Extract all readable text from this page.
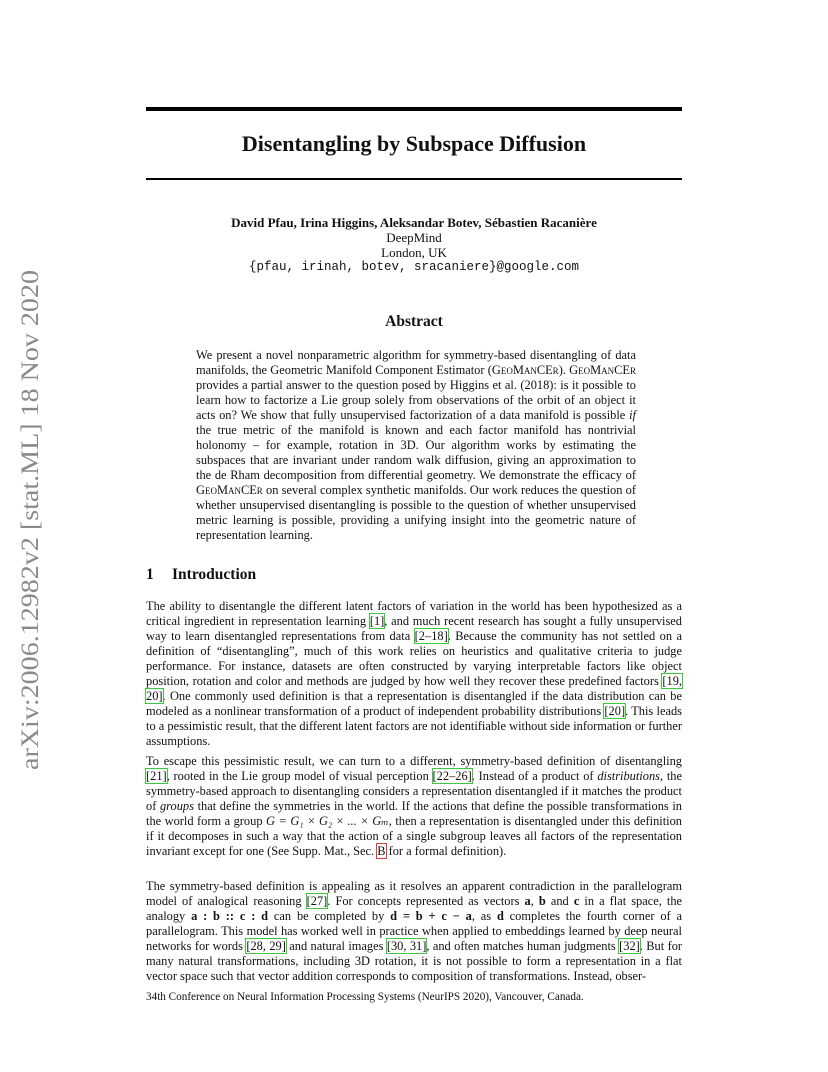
arXiv:2006.12982v2 [stat.ML] 18 Nov 2020
Disentangling by Subspace Diffusion
David Pfau, Irina Higgins, Aleksandar Botev, Sébastien Racanière
DeepMind
London, UK
{pfau, irinah, botev, sracaniere}@google.com
Abstract

We present a novel nonparametric algorithm for symmetry-based disentangling of data manifolds, the Geometric Manifold Component Estimator (GeoManCEr). GeoManCEr provides a partial answer to the question posed by Higgins et al. (2018): is it possible to learn how to factorize a Lie group solely from observations of the orbit of an object it acts on? We show that fully unsupervised factorization of a data manifold is possible if the true metric of the manifold is known and each factor manifold has nontrivial holonomy – for example, rotation in 3D. Our algorithm works by estimating the subspaces that are invariant under random walk diffusion, giving an approximation to the de Rham decomposition from differential geometry. We demonstrate the efficacy of GeoManCEr on several complex synthetic manifolds. Our work reduces the question of whether unsupervised disentangling is possible to the question of whether unsupervised metric learning is possible, providing a unifying insight into the geometric nature of representation learning.

1 Introduction

The ability to disentangle the different latent factors of variation in the world has been hypothesized as a critical ingredient in representation learning [1], and much recent research has sought a fully unsupervised way to learn disentangled representations from data [2–18]. Because the community has not settled on a definition of “disentangling”, much of this work relies on heuristics and qualitative criteria to judge performance. For instance, datasets are often constructed by varying interpretable factors like object position, rotation and color and methods are judged by how well they recover these predefined factors [19, 20]. One commonly used definition is that a representation is disentangled if the data distribution can be modeled as a nonlinear transformation of a product of independent probability distributions [20]. This leads to a pessimistic result, that the different latent factors are not identifiable without side information or further assumptions.

To escape this pessimistic result, we can turn to a different, symmetry-based definition of disentangling [21], rooted in the Lie group model of visual perception [22–26]. Instead of a product of distributions, the symmetry-based approach to disentangling considers a representation disentangled if it matches the product of groups that define the symmetries in the world. If the actions that define the possible transformations in the world form a group G = G₁ × G₂ × ... × Gₘ, then a representation is disentangled under this definition if it decomposes in such a way that the action of a single subgroup leaves all factors of the representation invariant except for one (See Supp. Mat., Sec. B for a formal definition).

The symmetry-based definition is appealing as it resolves an apparent contradiction in the parallelogram model of analogical reasoning [27]. For concepts represented as vectors a, b and c in a flat space, the analogy a : b :: c : d can be completed by d = b + c − a, as d completes the fourth corner of a parallelogram. This model has worked well in practice when applied to embeddings learned by deep neural networks for words [28, 29] and natural images [30, 31], and often matches human judgments [32]. But for many natural transformations, including 3D rotation, it is not possible to form a representation in a flat vector space such that vector addition corresponds to composition of transformations. Instead, obser-

34th Conference on Neural Information Processing Systems (NeurIPS 2020), Vancouver, Canada.
